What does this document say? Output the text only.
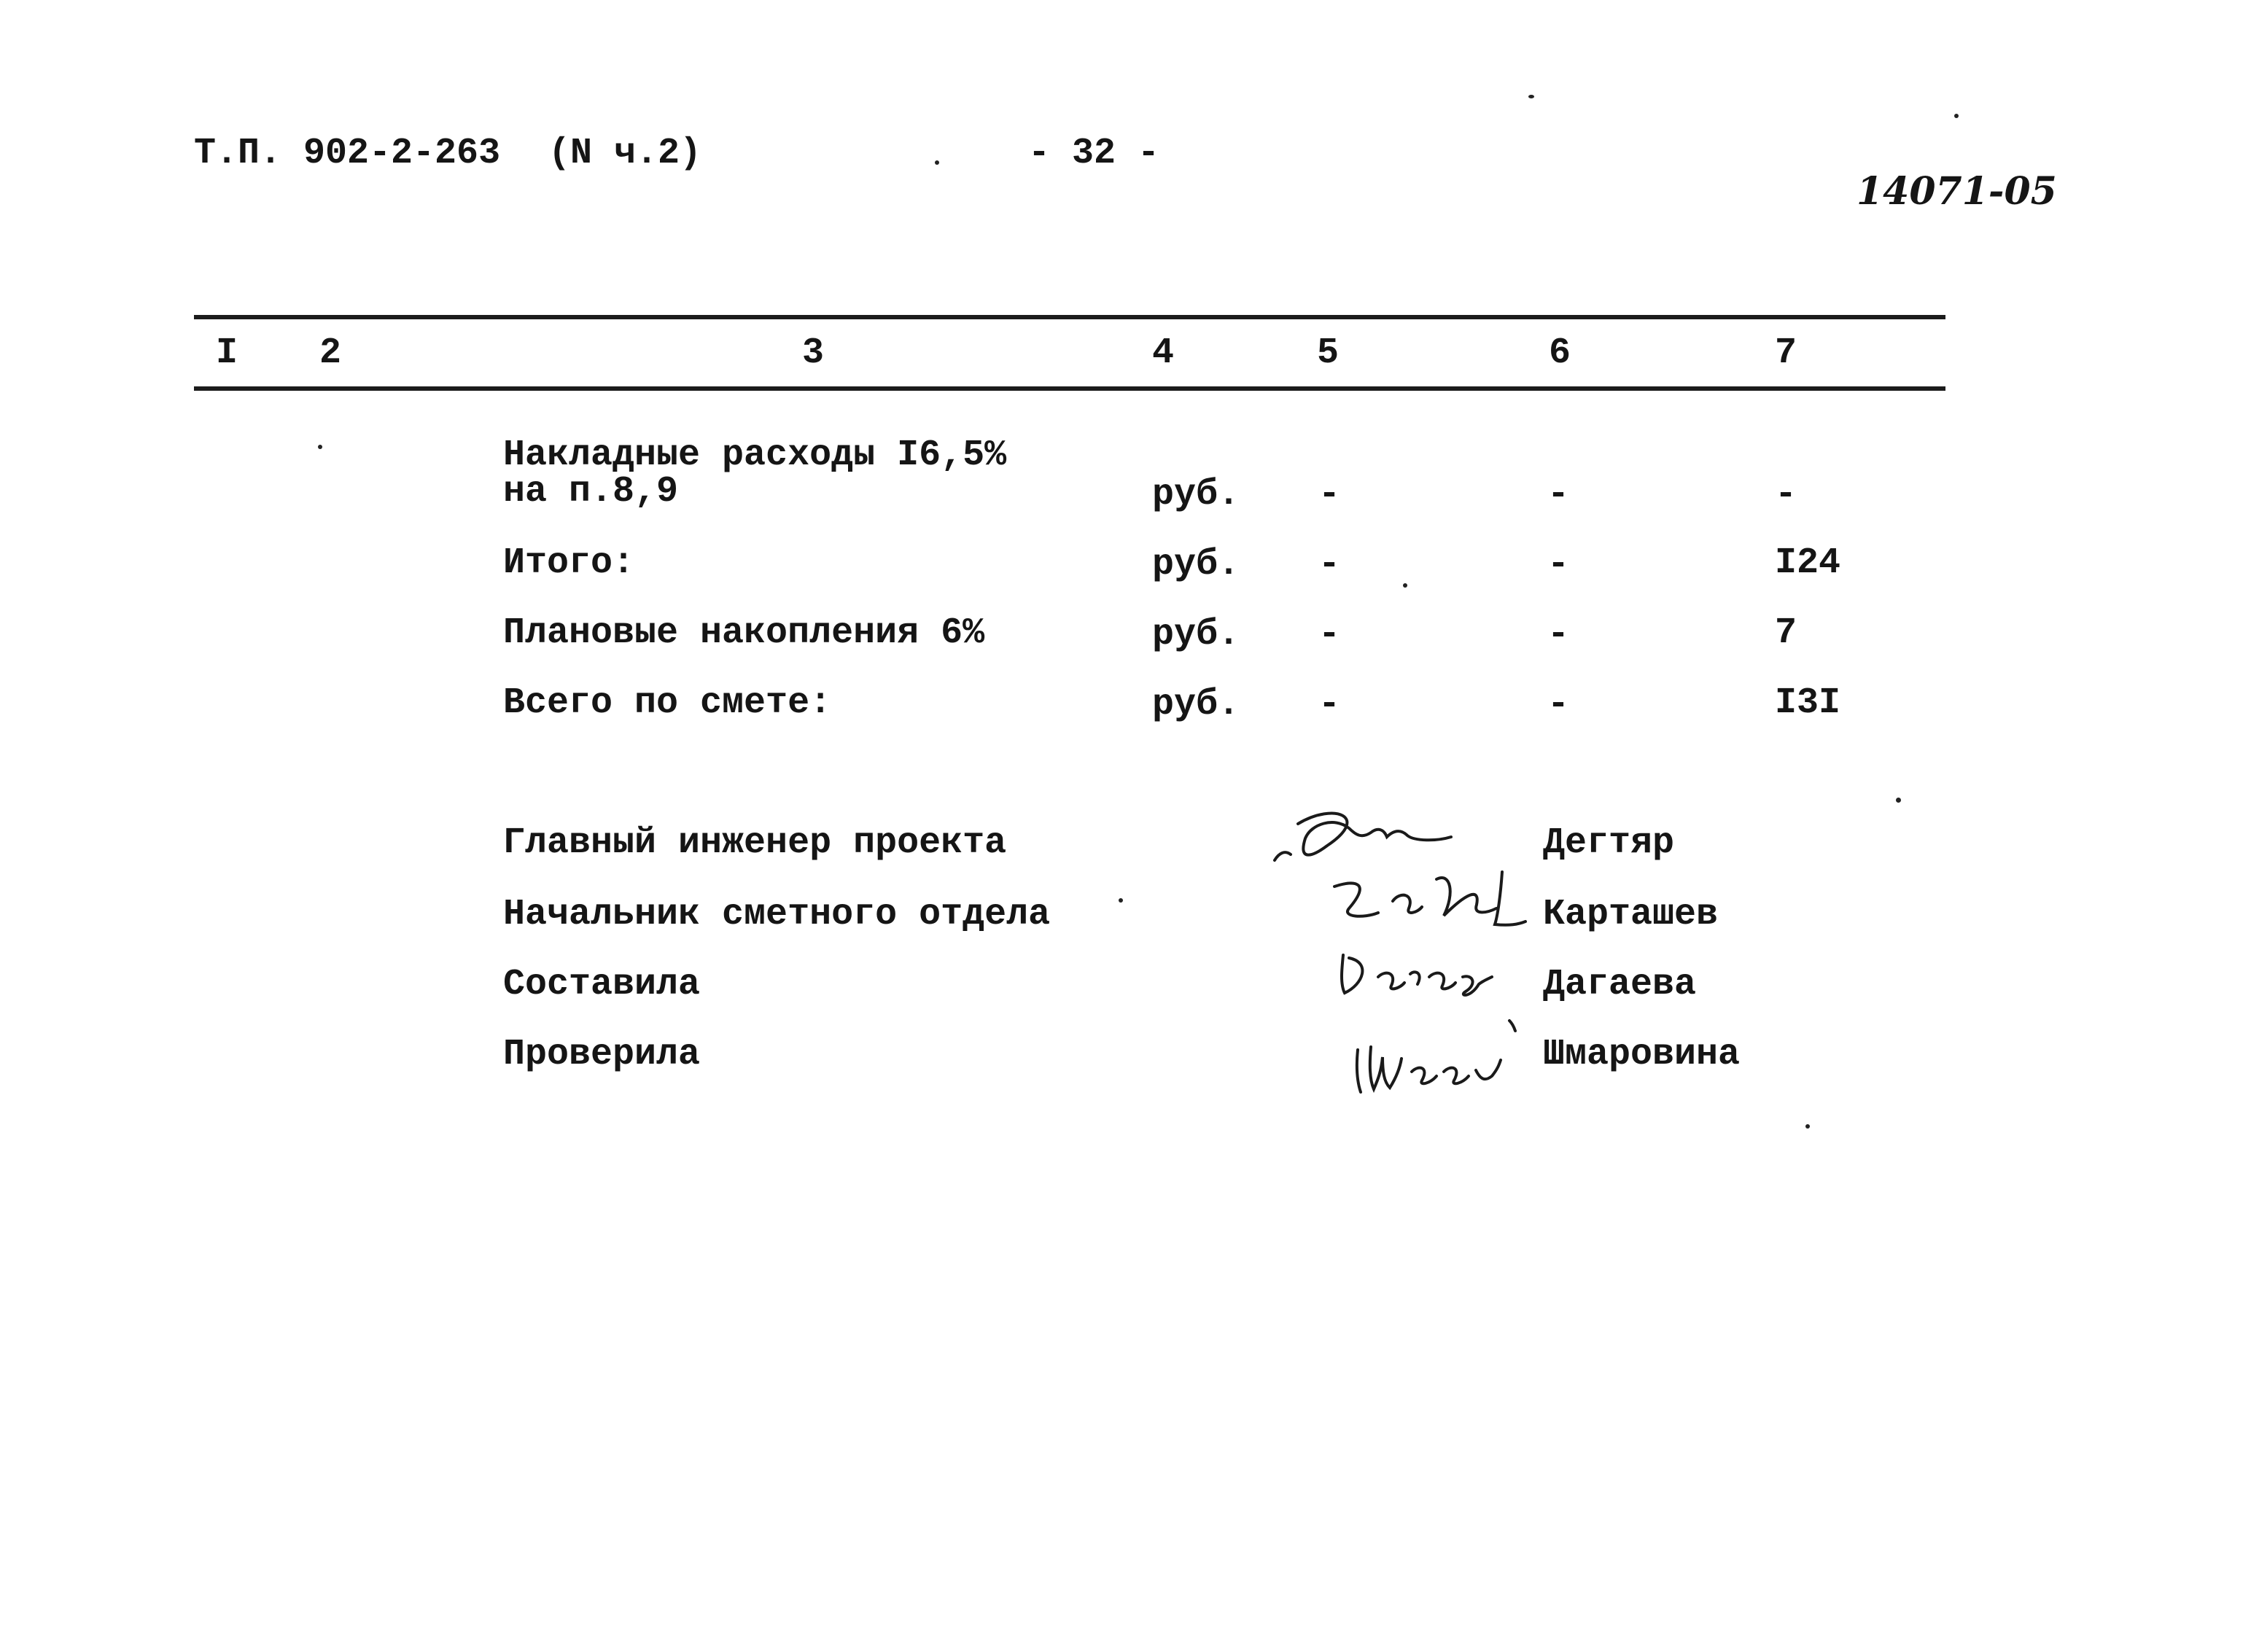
Т.П. 902-2-263 (N ч.2)	- 32 -
14071-05
I 2	3	4	5	6	7
Накладные расходы I6,5%
на п.8,9	руб. -	-	-
Итого:	руб. -	-	I24
Плановые накопления 6%	руб. -	-	7
Всего по смете:	руб. -	-	I3I
Главный инженер проекта	Дегтяр
Начальник сметного отдела	Карташев
Составила	Дагаева
Проверила	Шмаровина
